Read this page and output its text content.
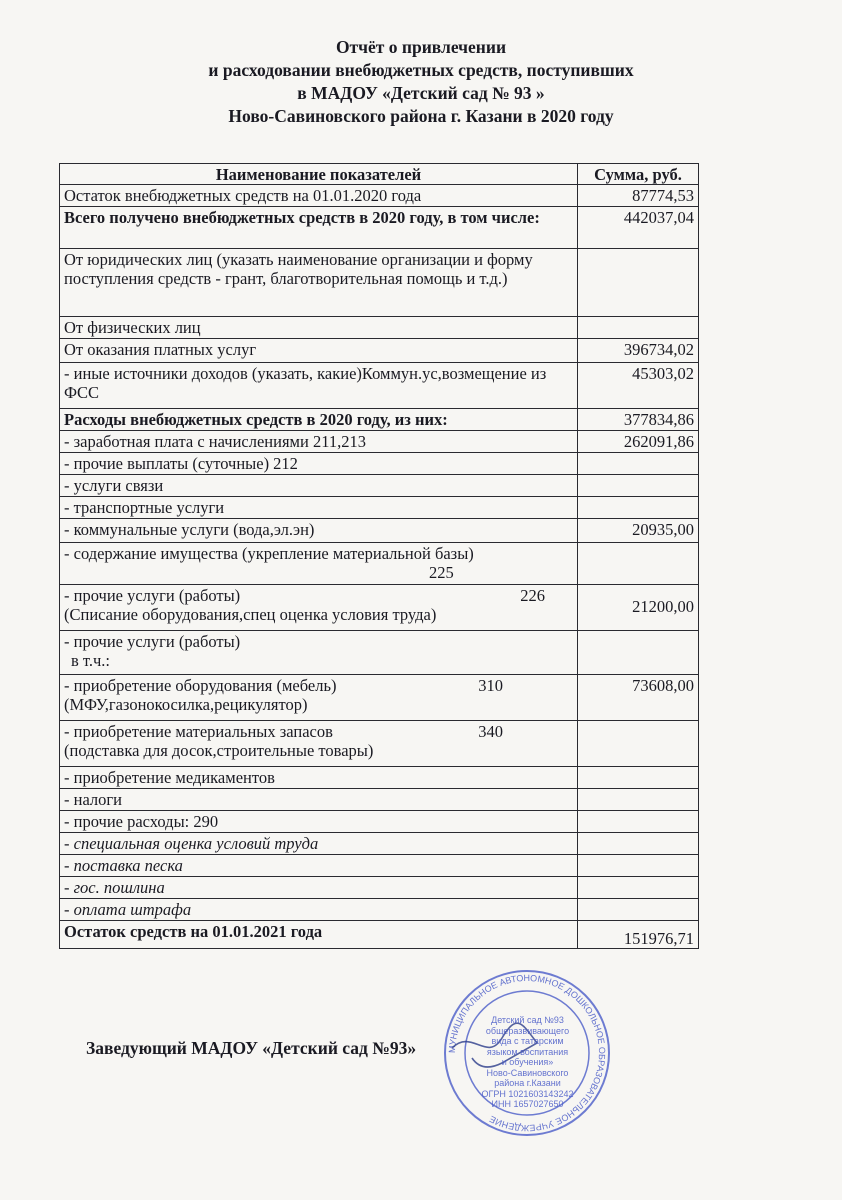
Отчёт о привлечении
и расходовании внебюджетных средств, поступивших
в МАДОУ «Детский сад № 93 »
Ново-Савиновского района г. Казани в 2020 году
Наименование показателей	Сумма, руб.
Остаток внебюджетных средств на 01.01.2020 года	87774,53
Всего получено внебюджетных средств в 2020 году, в том числе:	442037,04
От юридических лиц (указать наименование организации и форму поступления средств - грант, благотворительная помощь и т.д.)	
От физических лиц	
От оказания платных услуг	396734,02
- иные источники доходов (указать, какие)Коммун.ус,возмещение из ФСС	45303,02
Расходы внебюджетных средств в 2020 году, из них:	377834,86
- заработная плата с начислениями 211,213	262091,86
- прочие выплаты (суточные) 212	
- услуги связи	
- транспортные услуги	
- коммунальные услуги (вода,эл.эн)	20935,00
- содержание имущества (укрепление материальной базы)
225	

- прочие услуги (работы) 226

(Списание оборудования,спец оценка условия труда)	21200,00
- прочие услуги (работы)

в т.ч.:	

- приобретение оборудования (мебель) 310

(МФУ,газонокосилка,рецикулятор)	73608,00
- приобретение материальных запасов 340

(подставка для досок,строительные товары)	
- приобретение медикаментов	
- налоги	
- прочие расходы: 290	
- специальная оценка условий труда	
- поставка песка	
- гос. пошлина	
- оплата штрафа	
Остаток средств на 01.01.2021 года	151976,71
Заведующий МАДОУ «Детский сад №93»	МУНИЦИПАЛЬНОЕ АВТОНОМНОЕ ДОШКОЛЬНОЕ ОБРАЗОВАТЕЛЬНОЕ УЧРЕЖДЕНИЕ
Детский сад №93
общеразвивающего
вида с татарским
языком воспитания
и обучения»
Ново-Савиновского
района г.Казани
ОГРН 1021603143242
ИНН 1657027650
